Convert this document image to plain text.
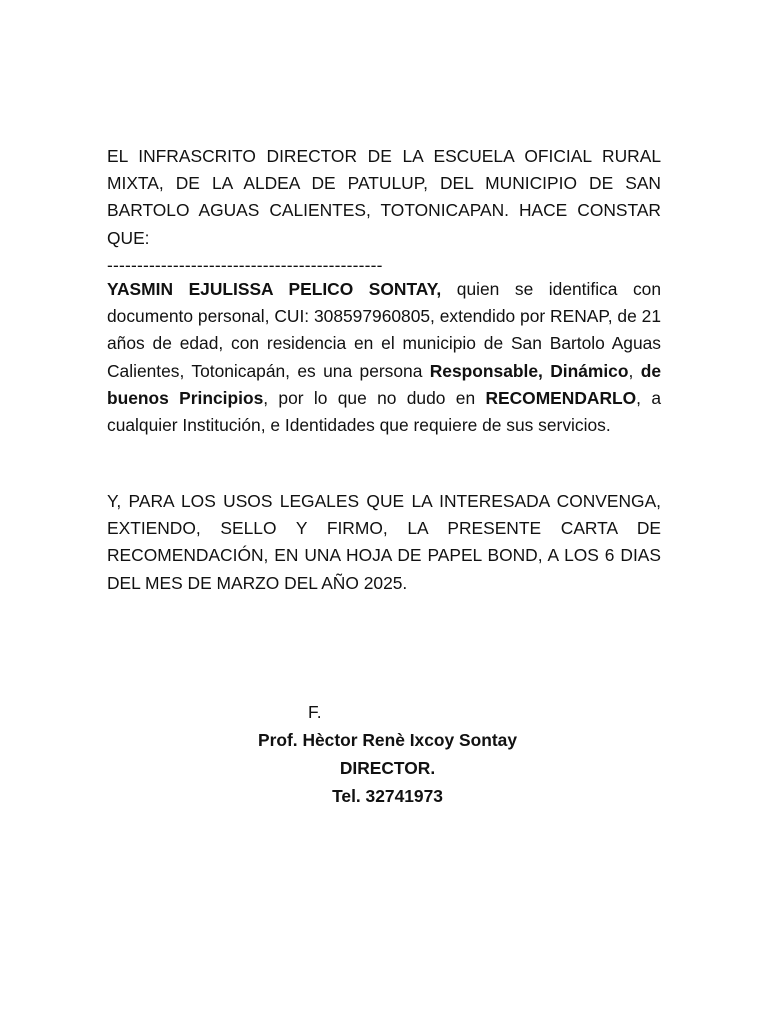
EL INFRASCRITO DIRECTOR DE LA ESCUELA OFICIAL RURAL MIXTA, DE LA ALDEA DE PATULUP, DEL MUNICIPIO DE SAN BARTOLO AGUAS CALIENTES, TOTONICAPAN. HACE CONSTAR QUE:
----------------------------------------------

YASMIN EJULISSA PELICO SONTAY, quien se identifica con documento personal, CUI: 308597960805, extendido por RENAP, de 21 años de edad, con residencia en el municipio de San Bartolo Aguas Calientes, Totonicapán, es una persona Responsable, Dinámico, de buenos Principios, por lo que no dudo en RECOMENDARLO, a cualquier Institución, e Identidades que requiere de sus servicios.

Y, PARA LOS USOS LEGALES QUE LA INTERESADA CONVENGA, EXTIENDO, SELLO Y FIRMO, LA PRESENTE CARTA DE RECOMENDACIÓN, EN UNA HOJA DE PAPEL BOND, A LOS 6 DIAS DEL MES DE MARZO DEL AÑO 2025.

F.
Prof. Hèctor Renè Ixcoy Sontay
DIRECTOR.
Tel. 32741973
